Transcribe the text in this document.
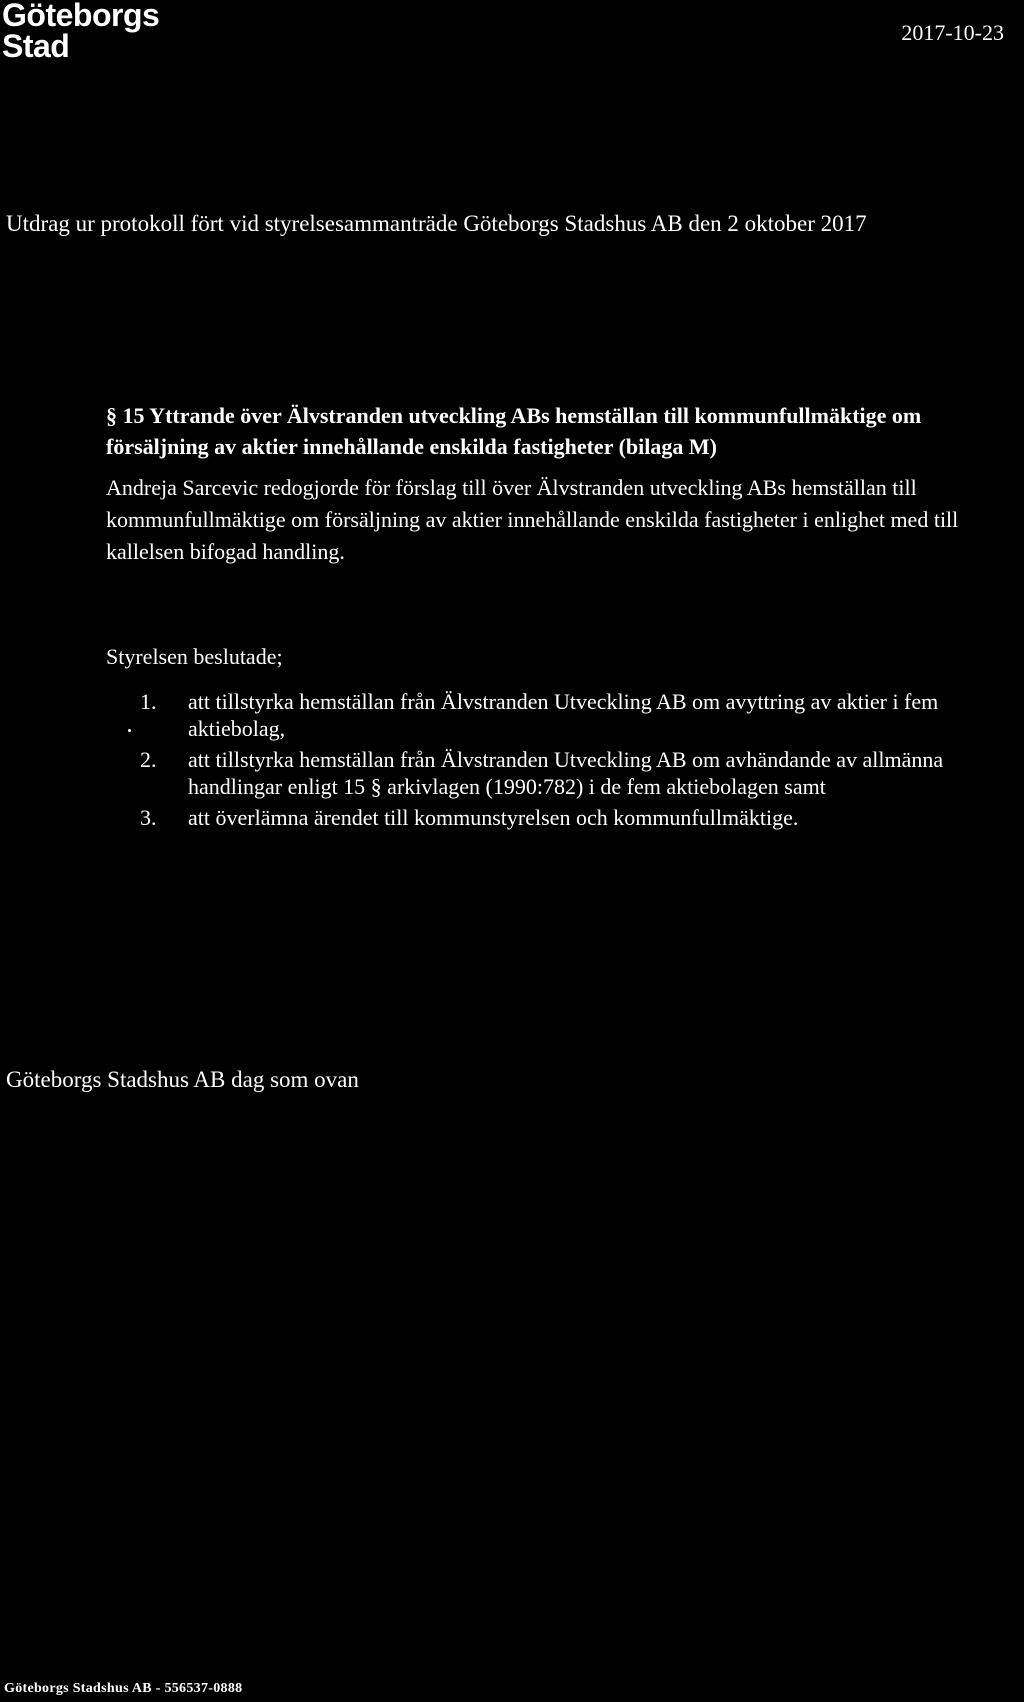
Göteborgs
Stad	2017-10-23
Utdrag ur protokoll fört vid styrelsesammanträde Göteborgs Stadshus AB den 2 oktober 2017

§ 15 Yttrande över Älvstranden utveckling ABs hemställan till kommunfullmäktige om försäljning av aktier innehållande enskilda fastigheter (bilaga M)

Andreja Sarcevic redogjorde för förslag till över Älvstranden utveckling ABs hemställan till kommunfullmäktige om försäljning av aktier innehållande enskilda fastigheter i enlighet med till kallelsen bifogad handling.
Styrelsen beslutade;
1. att tillstyrka hemställan från Älvstranden Utveckling AB om avyttring av aktier i fem aktiebolag,
2. att tillstyrka hemställan från Älvstranden Utveckling AB om avhändande av allmänna handlingar enligt 15 § arkivlagen (1990:782) i de fem aktiebolagen samt
3. att överlämna ärendet till kommunstyrelsen och kommunfullmäktige.
Göteborgs Stadshus AB dag som ovan
Göteborgs Stadshus AB - 556537-0888
